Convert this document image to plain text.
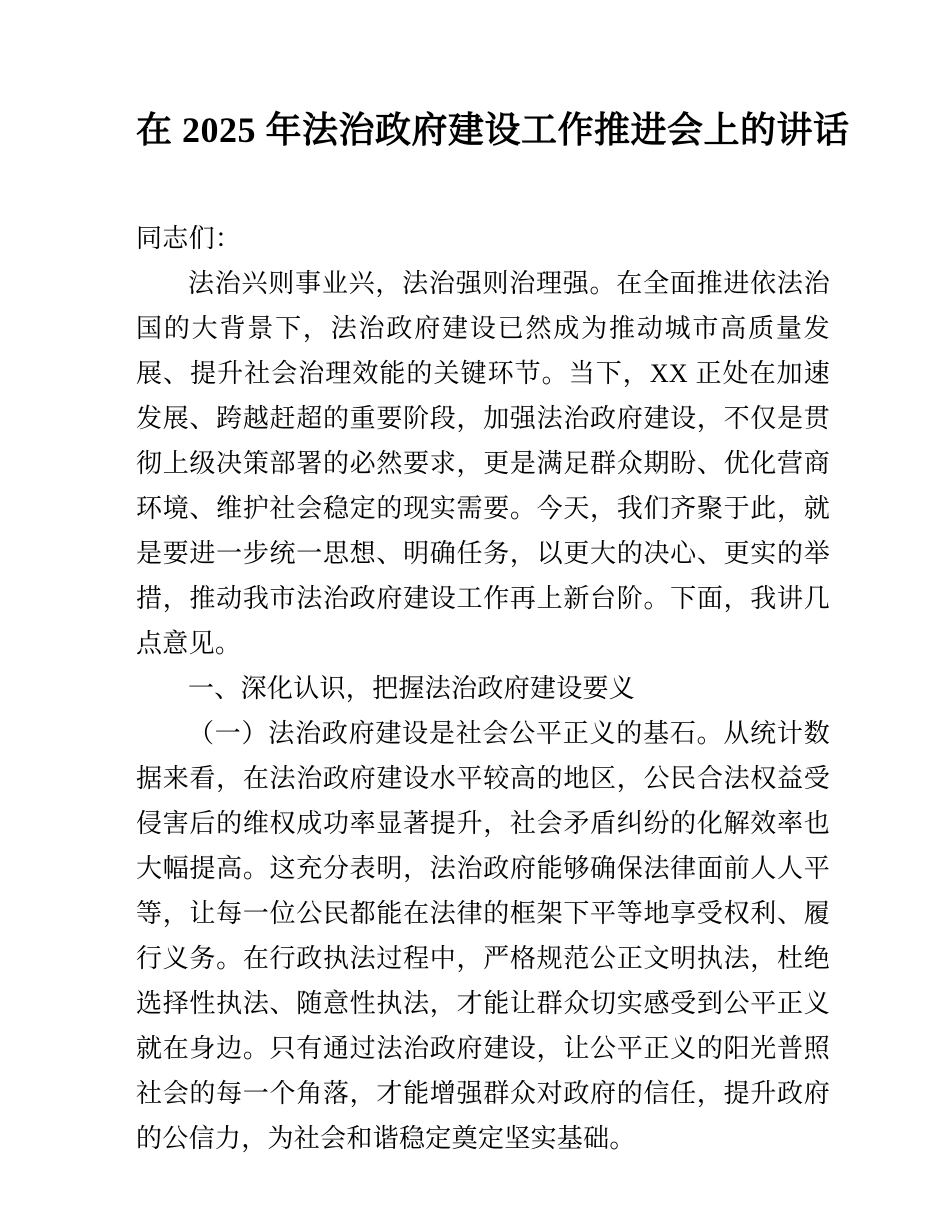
在 2025 年法治政府建设工作推进会上的讲话

同志们：

法治兴则事业兴，法治强则治理强。在全面推进依法治国的大背景下，法治政府建设已然成为推动城市高质量发展、提升社会治理效能的关键环节。当下，XX 正处在加速发展、跨越赶超的重要阶段，加强法治政府建设，不仅是贯彻上级决策部署的必然要求，更是满足群众期盼、优化营商环境、维护社会稳定的现实需要。今天，我们齐聚于此，就是要进一步统一思想、明确任务，以更大的决心、更实的举措，推动我市法治政府建设工作再上新台阶。下面，我讲几点意见。

一、深化认识，把握法治政府建设要义

（一）法治政府建设是社会公平正义的基石。从统计数据来看，在法治政府建设水平较高的地区，公民合法权益受侵害后的维权成功率显著提升，社会矛盾纠纷的化解效率也大幅提高。这充分表明，法治政府能够确保法律面前人人平等，让每一位公民都能在法律的框架下平等地享受权利、履行义务。在行政执法过程中，严格规范公正文明执法，杜绝选择性执法、随意性执法，才能让群众切实感受到公平正义就在身边。只有通过法治政府建设，让公平正义的阳光普照社会的每一个角落，才能增强群众对政府的信任，提升政府的公信力，为社会和谐稳定奠定坚实基础。
